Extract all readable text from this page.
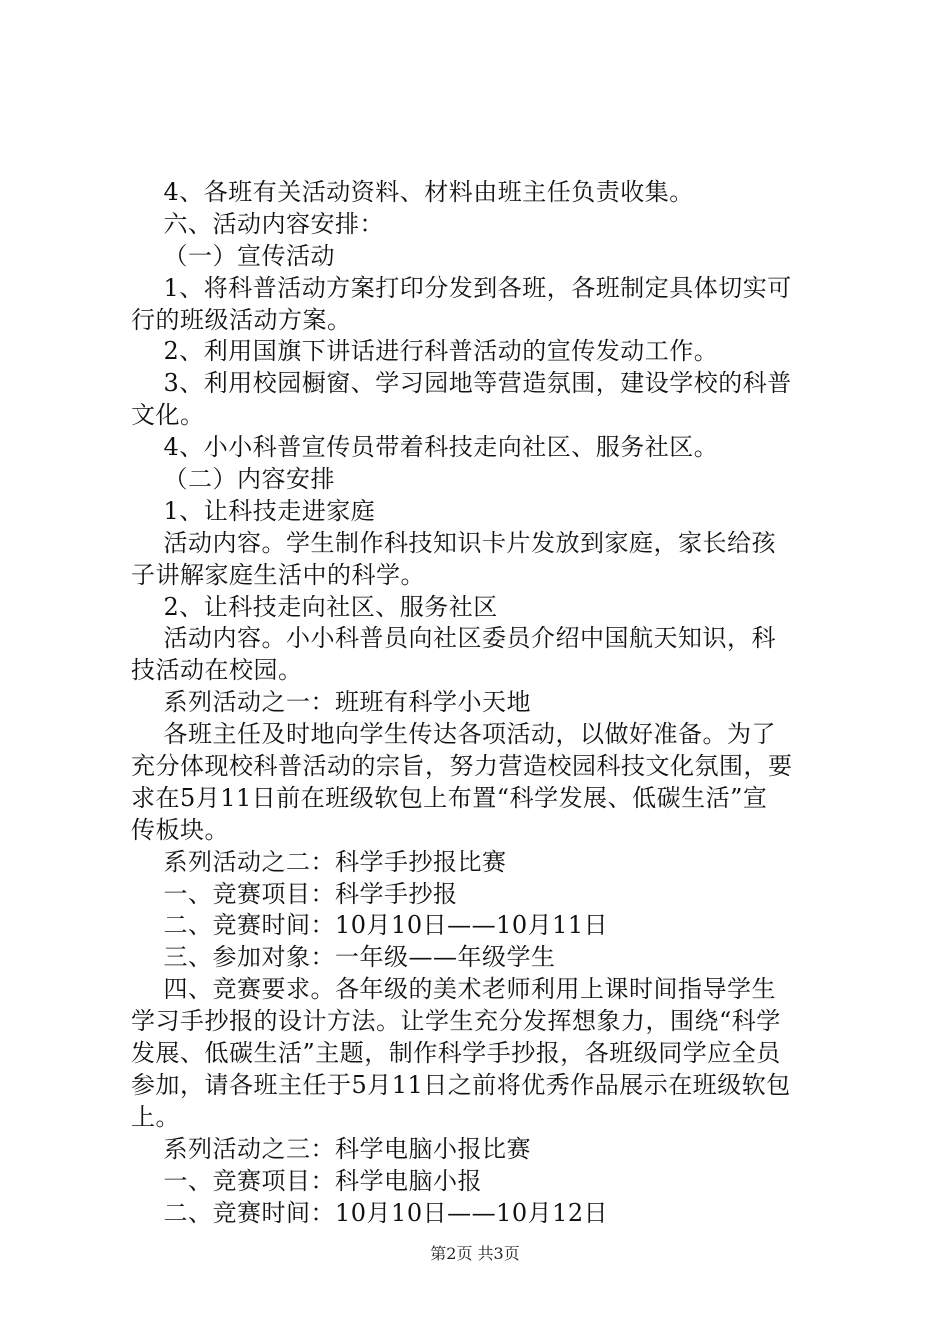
4、各班有关活动资料、材料由班主任负责收集。
六、活动内容安排：
（一）宣传活动
1、将科普活动方案打印分发到各班，各班制定具体切实可
行的班级活动方案。
2、利用国旗下讲话进行科普活动的宣传发动工作。
3、利用校园橱窗、学习园地等营造氛围，建设学校的科普
文化。
4、小小科普宣传员带着科技走向社区、服务社区。
（二）内容安排
1、让科技走进家庭
活动内容。学生制作科技知识卡片发放到家庭，家长给孩
子讲解家庭生活中的科学。
2、让科技走向社区、服务社区
活动内容。小小科普员向社区委员介绍中国航天知识，科
技活动在校园。
系列活动之一：班班有科学小天地
各班主任及时地向学生传达各项活动，以做好准备。为了
充分体现校科普活动的宗旨，努力营造校园科技文化氛围，要
求在5月11日前在班级软包上布置“科学发展、低碳生活”宣
传板块。
系列活动之二：科学手抄报比赛
一、竞赛项目：科学手抄报
二、竞赛时间：10月10日——10月11日
三、参加对象：一年级——年级学生
四、竞赛要求。各年级的美术老师利用上课时间指导学生
学习手抄报的设计方法。让学生充分发挥想象力，围绕“科学
发展、低碳生活”主题，制作科学手抄报，各班级同学应全员
参加，请各班主任于5月11日之前将优秀作品展示在班级软包
上。
系列活动之三：科学电脑小报比赛
一、竞赛项目：科学电脑小报
二、竞赛时间：10月10日——10月12日
第2页 共3页
